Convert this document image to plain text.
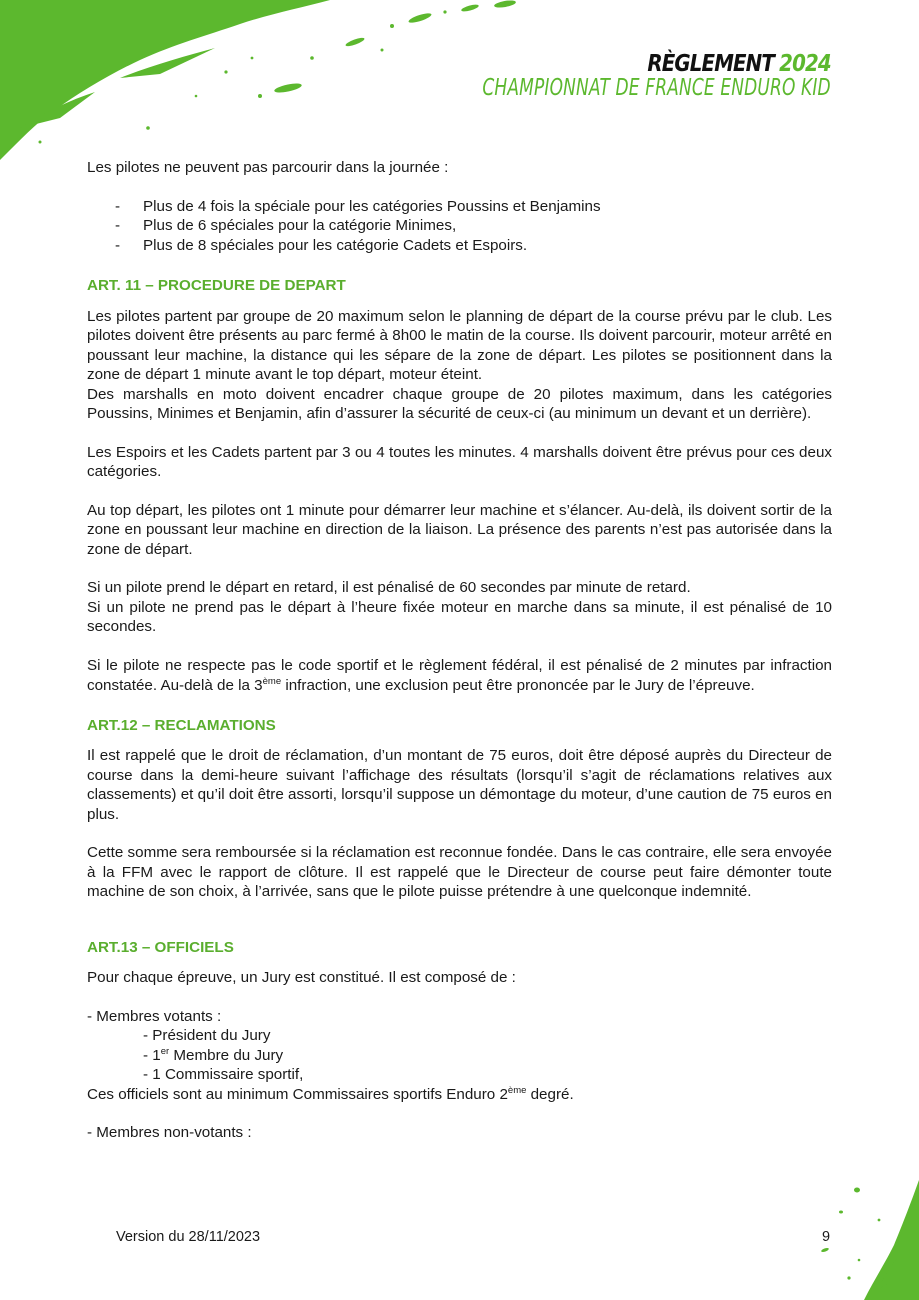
RÈGLEMENT 2024
CHAMPIONNAT DE FRANCE ENDURO KID

Les pilotes ne peuvent pas parcourir dans la journée :

- Plus de 4 fois la spéciale pour les catégories Poussins et Benjamins
- Plus de 6 spéciales pour la catégorie Minimes,
- Plus de 8 spéciales pour les catégorie Cadets et Espoirs.
ART. 11 – PROCEDURE DE DEPART

Les pilotes partent par groupe de 20 maximum selon le planning de départ de la course prévu par le club. Les pilotes doivent être présents au parc fermé à 8h00 le matin de la course. Ils doivent parcourir, moteur arrêté en poussant leur machine, la distance qui les sépare de la zone de départ. Les pilotes se positionnent dans la zone de départ 1 minute avant le top départ, moteur éteint.

Des marshalls en moto doivent encadrer chaque groupe de 20 pilotes maximum, dans les catégories Poussins, Minimes et Benjamin, afin d’assurer la sécurité de ceux-ci (au minimum un devant et un derrière).

Les Espoirs et les Cadets partent par 3 ou 4 toutes les minutes. 4 marshalls doivent être prévus pour ces deux catégories.

Au top départ, les pilotes ont 1 minute pour démarrer leur machine et s’élancer. Au-delà, ils doivent sortir de la zone en poussant leur machine en direction de la liaison. La présence des parents n’est pas autorisée dans la zone de départ.

Si un pilote prend le départ en retard, il est pénalisé de 60 secondes par minute de retard.

Si un pilote ne prend pas le départ à l’heure fixée moteur en marche dans sa minute, il est pénalisé de 10 secondes.

Si le pilote ne respecte pas le code sportif et le règlement fédéral, il est pénalisé de 2 minutes par infraction constatée. Au-delà de la 3ème infraction, une exclusion peut être prononcée par le Jury de l’épreuve.

ART.12 – RECLAMATIONS

Il est rappelé que le droit de réclamation, d’un montant de 75 euros, doit être déposé auprès du Directeur de course dans la demi-heure suivant l’affichage des résultats (lorsqu’il s’agit de réclamations relatives aux classements) et qu’il doit être assorti, lorsqu’il suppose un démontage du moteur, d’une caution de 75 euros en plus.

Cette somme sera remboursée si la réclamation est reconnue fondée. Dans le cas contraire, elle sera envoyée à la FFM avec le rapport de clôture. Il est rappelé que le Directeur de course peut faire démonter toute machine de son choix, à l’arrivée, sans que le pilote puisse prétendre à une quelconque indemnité.

ART.13 – OFFICIELS

Pour chaque épreuve, un Jury est constitué. Il est composé de :

- Membres votants :

- Président du Jury

- 1er Membre du Jury

- 1 Commissaire sportif,

Ces officiels sont au minimum Commissaires sportifs Enduro 2ème degré.

- Membres non-votants :

Version du 28/11/2023	9
